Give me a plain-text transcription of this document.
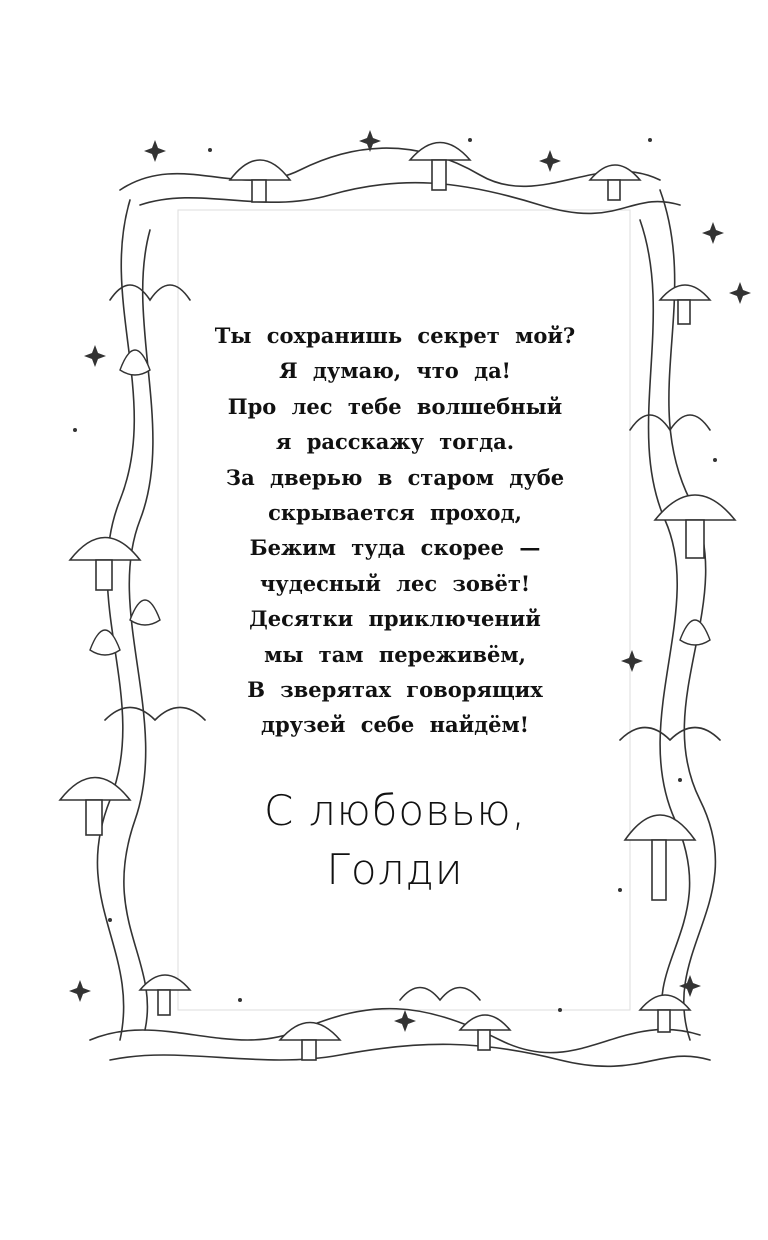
Ты сохранишь секрет мой?
Я думаю, что да!
Про лес тебе волшебный
я расскажу тогда.
За дверью в старом дубе
скрывается проход,
Бежим туда скорее —
чудесный лес зовёт!
Десятки приключений
мы там переживём,
В зверятах говорящих
друзей себе найдём!
С любовью,
Голди
